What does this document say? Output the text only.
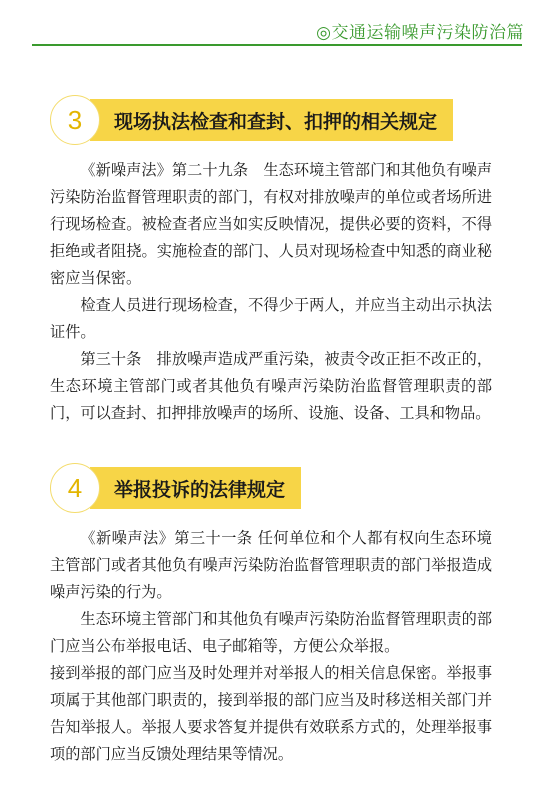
◎交通运输噪声污染防治篇
3	现场执法检查和查封、扣押的相关规定

《新噪声法》第二十九条　生态环境主管部门和其他负有噪声污染防治监督管理职责的部门，有权对排放噪声的单位或者场所进行现场检查。被检查者应当如实反映情况，提供必要的资料，不得拒绝或者阻挠。实施检查的部门、人员对现场检查中知悉的商业秘密应当保密。

检查人员进行现场检查，不得少于两人，并应当主动出示执法证件。

第三十条　排放噪声造成严重污染，被责令改正拒不改正的，生态环境主管部门或者其他负有噪声污染防治监督管理职责的部门，可以查封、扣押排放噪声的场所、设施、设备、工具和物品。

4	举报投诉的法律规定

《新噪声法》第三十一条 任何单位和个人都有权向生态环境主管部门或者其他负有噪声污染防治监督管理职责的部门举报造成噪声污染的行为。

生态环境主管部门和其他负有噪声污染防治监督管理职责的部门应当公布举报电话、电子邮箱等，方便公众举报。

接到举报的部门应当及时处理并对举报人的相关信息保密。举报事项属于其他部门职责的，接到举报的部门应当及时移送相关部门并告知举报人。举报人要求答复并提供有效联系方式的，处理举报事项的部门应当反馈处理结果等情况。
